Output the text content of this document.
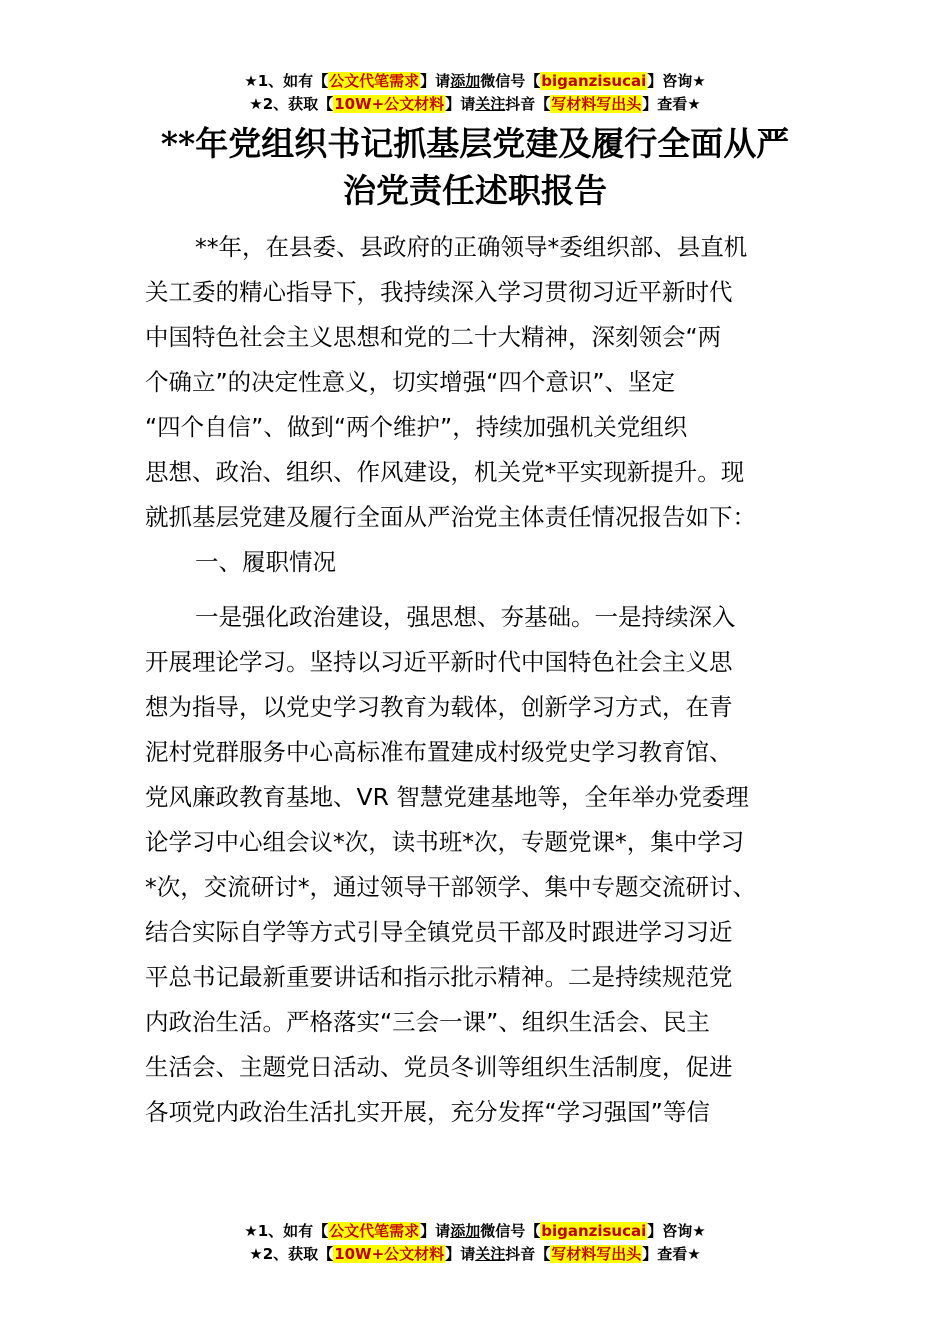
★1、如有【公文代笔需求】请添加微信号【biganzisucai】咨询★
★2、获取【10W+公文材料】请关注抖音【写材料写出头】查看★
**年党组织书记抓基层党建及履行全面从严
治党责任述职报告
**年，在县委、县政府的正确领导*委组织部、县直机
关工委的精心指导下，我持续深入学习贯彻习近平新时代
中国特色社会主义思想和党的二十大精神，深刻领会“两
个确立”的决定性意义，切实增强“四个意识”、坚定
“四个自信”、做到“两个维护”，持续加强机关党组织
思想、政治、组织、作风建设，机关党*平实现新提升。现
就抓基层党建及履行全面从严治党主体责任情况报告如下：
一、履职情况
一是强化政治建设，强思想、夯基础。一是持续深入
开展理论学习。坚持以习近平新时代中国特色社会主义思
想为指导，以党史学习教育为载体，创新学习方式，在青
泥村党群服务中心高标准布置建成村级党史学习教育馆、
党风廉政教育基地、VR 智慧党建基地等，全年举办党委理
论学习中心组会议*次，读书班*次，专题党课*，集中学习
*次，交流研讨*，通过领导干部领学、集中专题交流研讨、
结合实际自学等方式引导全镇党员干部及时跟进学习习近
平总书记最新重要讲话和指示批示精神。二是持续规范党
内政治生活。严格落实“三会一课”、组织生活会、民主
生活会、主题党日活动、党员冬训等组织生活制度，促进
各项党内政治生活扎实开展，充分发挥“学习强国”等信
★1、如有【公文代笔需求】请添加微信号【biganzisucai】咨询★
★2、获取【10W+公文材料】请关注抖音【写材料写出头】查看★
